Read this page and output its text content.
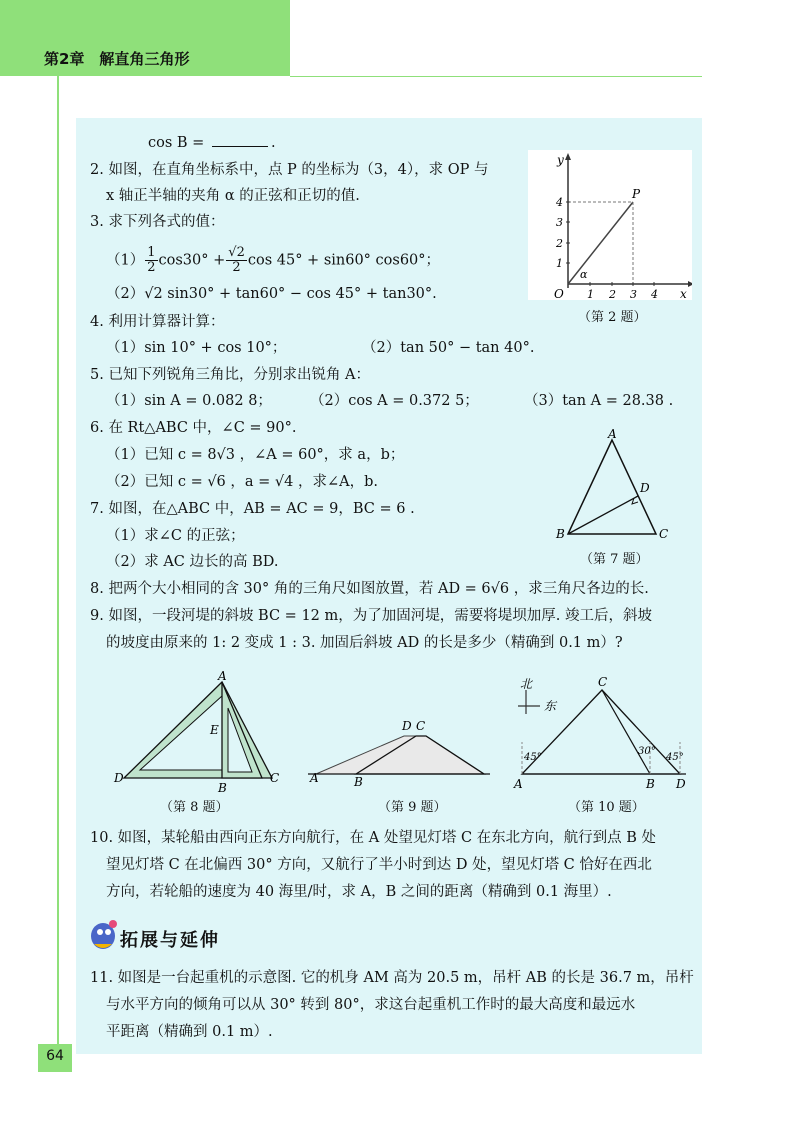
第2章　解直角三角形
cos B =	.
2. 如图，在直角坐标系中，点 P 的坐标为（3，4），求 OP 与
x 轴正半轴的夹角 α 的正弦和正切的值.
3. 求下列各式的值：
$(1) \frac{1}{2} \cos 30^\circ + \frac{√2}{2}$ cos 45° + sin60° cos60°；
（2）√2 sin30° + tan60° − cos 45° + tan30°.
4. 利用计算器计算：
（1）sin 10° + cos 10°；	（2）tan 50° − tan 40°.
5. 已知下列锐角三角比，分别求出锐角 A：
（1）sin A = 0.082 8；	（2）cos A = 0.372 5；	（3）tan A = 28.38 .
6. 在 Rt△ABC 中，∠C = 90°.
（1）已知 c = 8√3 ，∠A = 60°，求 a，b；
（2）已知 c = √6 ，a = √4 ，求∠A，b.
7. 如图，在△ABC 中，AB = AC = 9，BC = 6 .
（1）求∠C 的正弦；
（2）求 AC 边长的高 BD.
8. 把两个大小相同的含 30° 角的三角尺如图放置，若 AD = 6√6 ，求三角尺各边的长.
9. 如图，一段河堤的斜坡 BC = 12 m，为了加固河堤，需要将堤坝加厚. 竣工后，斜坡
的坡度由原来的 1: 2 变成 1 : 3. 加固后斜坡 AD 的长是多少（精确到 0.1 m）?
1 2 3 4
1
2
3
4
y
x
O
P
α
（第 2 题）
A
B	C
D
（第 7 题）
A
B
C
D
E
（第 8 题）
A	B
C
D
（第 9 题）
北
东
45°
30°
45°
A	B
C
D
（第 10 题）
10. 如图，某轮船由西向正东方向航行，在 A 处望见灯塔 C 在东北方向，航行到点 B 处
望见灯塔 C 在北偏西 30° 方向，又航行了半小时到达 D 处，望见灯塔 C 恰好在西北
方向，若轮船的速度为 40 海里/时，求 A，B 之间的距离（精确到 0.1 海里）.
拓展与延伸
11. 如图是一台起重机的示意图. 它的机身 AM 高为 20.5 m，吊杆 AB 的长是 36.7 m，吊杆
与水平方向的倾角可以从 30° 转到 80°，求这台起重机工作时的最大高度和最远水
平距离（精确到 0.1 m）.
64
